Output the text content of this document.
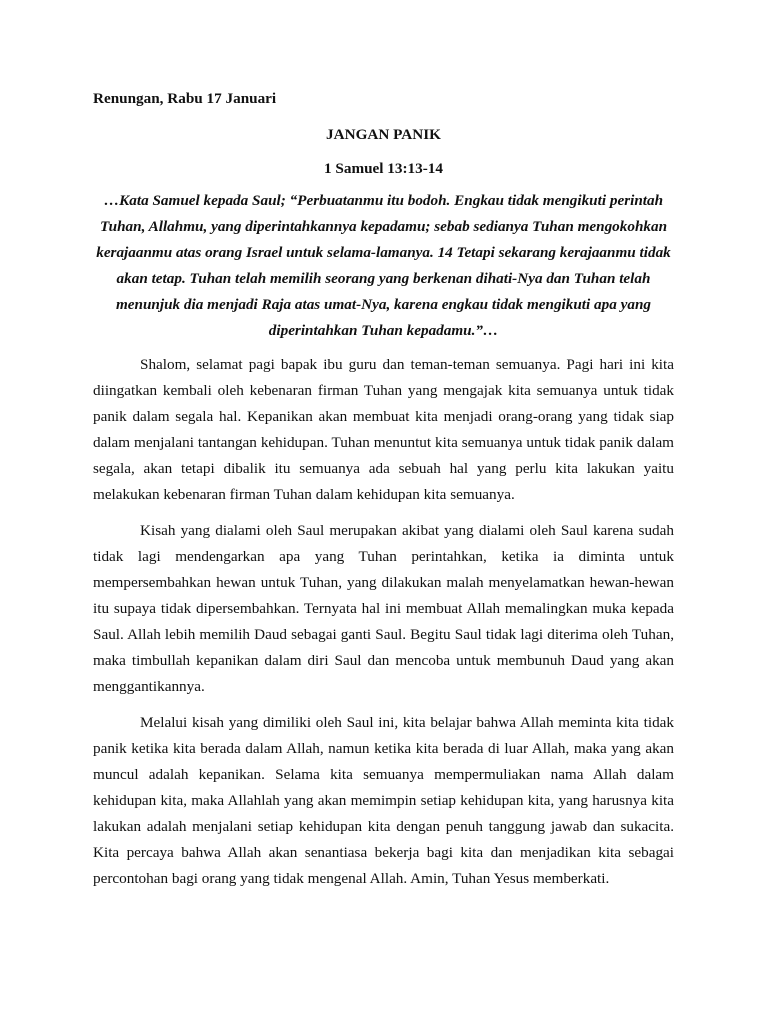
Renungan, Rabu 17 Januari

JANGAN PANIK

1 Samuel 13:13-14

…Kata Samuel kepada Saul; “Perbuatanmu itu bodoh. Engkau tidak mengikuti perintah Tuhan, Allahmu, yang diperintahkannya kepadamu; sebab sedianya Tuhan mengokohkan kerajaanmu atas orang Israel untuk selama-lamanya. 14 Tetapi sekarang kerajaanmu tidak akan tetap. Tuhan telah memilih seorang yang berkenan dihati-Nya dan Tuhan telah menunjuk dia menjadi Raja atas umat-Nya, karena engkau tidak mengikuti apa yang diperintahkan Tuhan kepadamu.”…

Shalom, selamat pagi bapak ibu guru dan teman-teman semuanya. Pagi hari ini kita diingatkan kembali oleh kebenaran firman Tuhan yang mengajak kita semuanya untuk tidak panik dalam segala hal. Kepanikan akan membuat kita menjadi orang-orang yang tidak siap dalam menjalani tantangan kehidupan. Tuhan menuntut kita semuanya untuk tidak panik dalam segala, akan tetapi dibalik itu semuanya ada sebuah hal yang perlu kita lakukan yaitu melakukan kebenaran firman Tuhan dalam kehidupan kita semuanya.

Kisah yang dialami oleh Saul merupakan akibat yang dialami oleh Saul karena sudah tidak lagi mendengarkan apa yang Tuhan perintahkan, ketika ia diminta untuk mempersembahkan hewan untuk Tuhan, yang dilakukan malah menyelamatkan hewan-hewan itu supaya tidak dipersembahkan. Ternyata hal ini membuat Allah memalingkan muka kepada Saul. Allah lebih memilih Daud sebagai ganti Saul. Begitu Saul tidak lagi diterima oleh Tuhan, maka timbullah kepanikan dalam diri Saul dan mencoba untuk membunuh Daud yang akan menggantikannya.

Melalui kisah yang dimiliki oleh Saul ini, kita belajar bahwa Allah meminta kita tidak panik ketika kita berada dalam Allah, namun ketika kita berada di luar Allah, maka yang akan muncul adalah kepanikan. Selama kita semuanya mempermuliakan nama Allah dalam kehidupan kita, maka Allahlah yang akan memimpin setiap kehidupan kita, yang harusnya kita lakukan adalah menjalani setiap kehidupan kita dengan penuh tanggung jawab dan sukacita. Kita percaya bahwa Allah akan senantiasa bekerja bagi kita dan menjadikan kita sebagai percontohan bagi orang yang tidak mengenal Allah. Amin, Tuhan Yesus memberkati.
